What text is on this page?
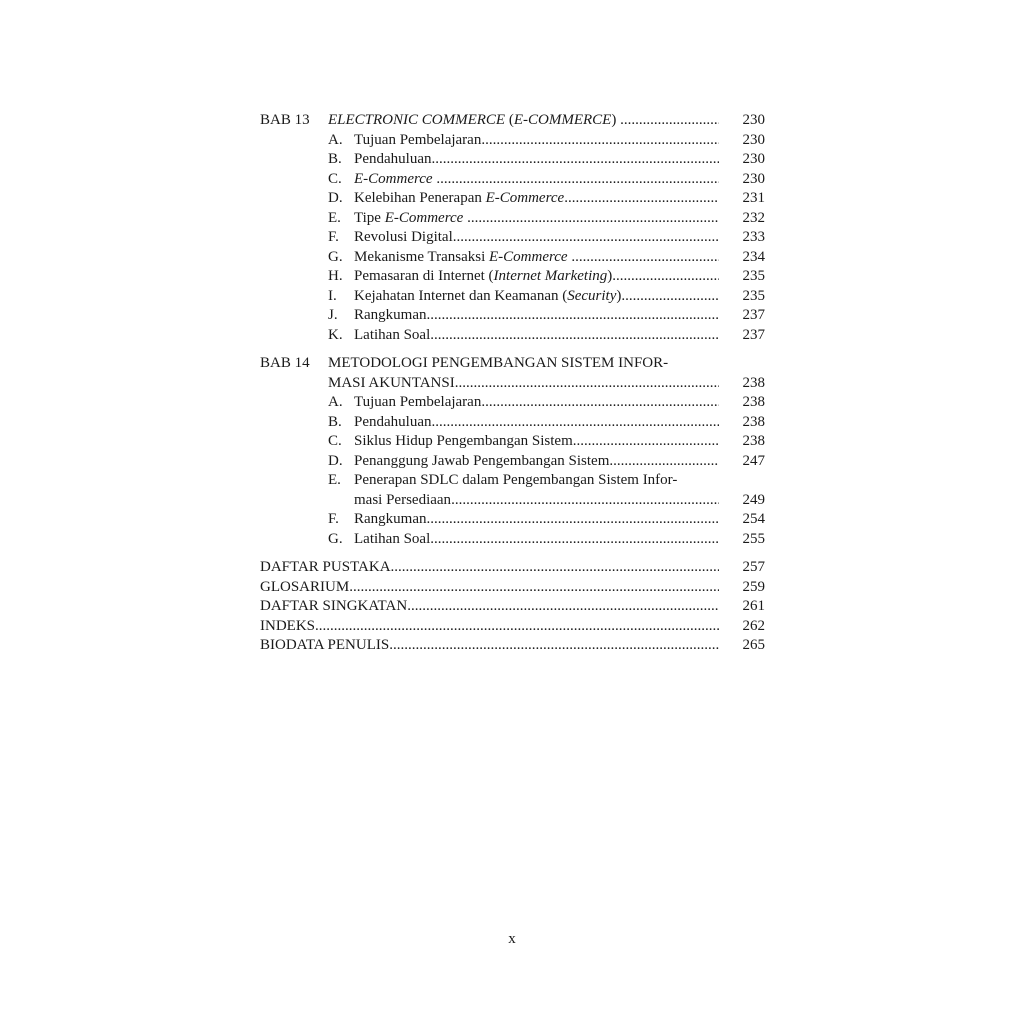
BAB 13 ELECTRONIC COMMERCE (E-COMMERCE) .....	230
A. Tujuan Pembelajaran .....	230
B. Pendahuluan .....	230
C. E-Commerce .....	230
D. Kelebihan Penerapan E-Commerce .....	231
E. Tipe E-Commerce .....	232
F. Revolusi Digital .....	233
G. Mekanisme Transaksi E-Commerce .....	234
H. Pemasaran di Internet (Internet Marketing) .....	235
I. Kejahatan Internet dan Keamanan (Security) .....	235
J. Rangkuman .....	237
K. Latihan Soal .....	237
BAB 14 METODOLOGI PENGEMBANGAN SISTEM INFOR-
MASI AKUNTANSI .....	238
A. Tujuan Pembelajaran .....	238
B. Pendahuluan .....	238
C. Siklus Hidup Pengembangan Sistem .....	238
D. Penanggung Jawab Pengembangan Sistem .....	247
E. Penerapan SDLC dalam Pengembangan Sistem Infor-
masi Persediaan .....	249
F. Rangkuman .....	254
G. Latihan Soal .....	255
DAFTAR PUSTAKA .....	257
GLOSARIUM .....	259
DAFTAR SINGKATAN .....	261
INDEKS .....	262
BIODATA PENULIS .....	265
x
